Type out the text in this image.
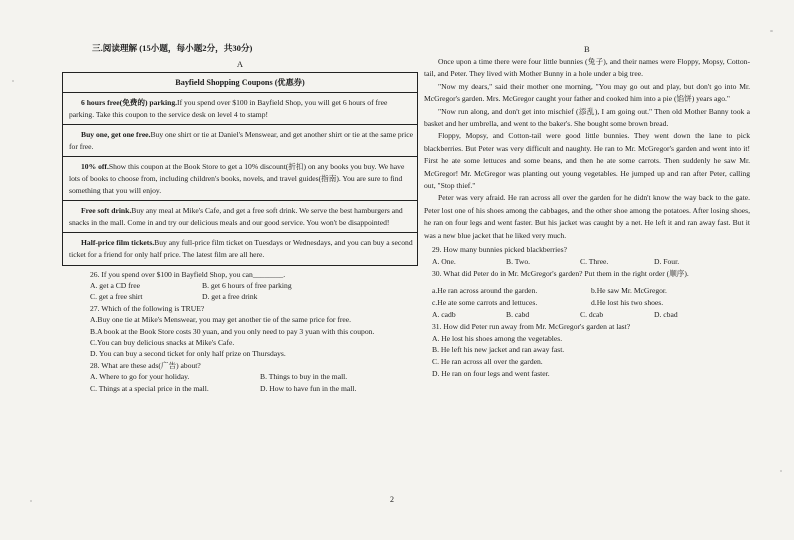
三.阅读理解 (15小题，每小题2分，共30分)
A
Bayfield Shopping Coupons (优惠券)
6 hours free(免费的) parking.If you spend over $100 in Bayfield Shop, you will get 6 hours of free parking. Take this coupon to the service desk on level 4 to stamp!
Buy one, get one free.Buy one shirt or tie at Daniel's Menswear, and get another shirt or tie at the same price for free.
10% off.Show this coupon at the Book Store to get a 10% discount(折扣) on any books you buy. We have lots of books to choose from, including children's books, novels, and travel guides(指南). You are sure to find something that you will enjoy.
Free soft drink.Buy any meal at Mike's Cafe, and get a free soft drink. We serve the best hamburgers and snacks in the mall. Come in and try our delicious meals and our good service. You won't be disappointed!
Half-price film tickets.Buy any full-price film ticket on Tuesdays or Wednesdays, and you can buy a second ticket for a friend for only half price. The latest film are all here.
26. If you spend over $100 in Bayfield Shop, you can________.
A. get a CD free	B. get 6 hours of free parking
C. get a free shirt	D. get a free drink
27. Which of the following is TRUE?
A.Buy one tie at Mike's Menswear, you may get another tie of the same price for free.
B.A book at the Book Store costs 30 yuan, and you only need to pay 3 yuan with this coupon.
C.You can buy delicious snacks at Mike's Cafe.
D. You can buy a second ticket for only half prize on Thursdays.
28. What are these ads(广告) about?
A. Where to go for your holiday.	B. Things to buy in the mall.
C. Things at a special price in the mall.	D. How to have fun in the mall.
B
Once upon a time there were four little bunnies (兔子), and their names were Floppy, Mopsy, Cotton-tail, and Peter. They lived with Mother Bunny in a hole under a big tree.
"Now my dears," said their mother one morning, "You may go out and play, but don't go into Mr. McGregor's garden. Mrs. McGregor caught your father and cooked him into a pie (馅饼) years ago."
"Now run along, and don't get into mischief (添乱), I am going out." Then old Mother Banny took a basket and her umbrella, and went to the baker's. She bought some brown bread.
Floppy, Mopsy, and Cotton-tail were good little bunnies. They went down the lane to pick blackberries. But Peter was very difficult and naughty. He ran to Mr. McGregor's garden and went into it! First he ate some lettuces and some beans, and then he ate some carrots. Then suddenly he saw Mr. McGregor! Mr. McGregor was planting out young vegetables. He jumped up and ran after Peter, calling out, "Stop thief."
Peter was very afraid. He ran across all over the garden for he didn't know the way back to the gate. Peter lost one of his shoes among the cabbages, and the other shoe among the potatoes. After losing shoes, he ran on four legs and went faster. But his jacket was caught by a net. He left it and ran away fast. But it was a new blue jacket that he liked very much.
29. How many bunnies picked blackberries?
A. One.	B. Two.	C. Three.	D. Four.
30. What did Peter do in Mr. McGregor's garden? Put them in the right order (顺序).
a.He ran across around the garden.	b.He saw Mr. McGregor.
c.He ate some carrots and lettuces.	d.He lost his two shoes.
A. cadb	B. cabd	C. dcab	D. cbad
31. How did Peter run away from Mr. McGregor's garden at last?
A. He lost his shoes among the vegetables.
B. He left his new jacket and ran away fast.
C. He ran across all over the garden.
D. He ran on four legs and went faster.
2
